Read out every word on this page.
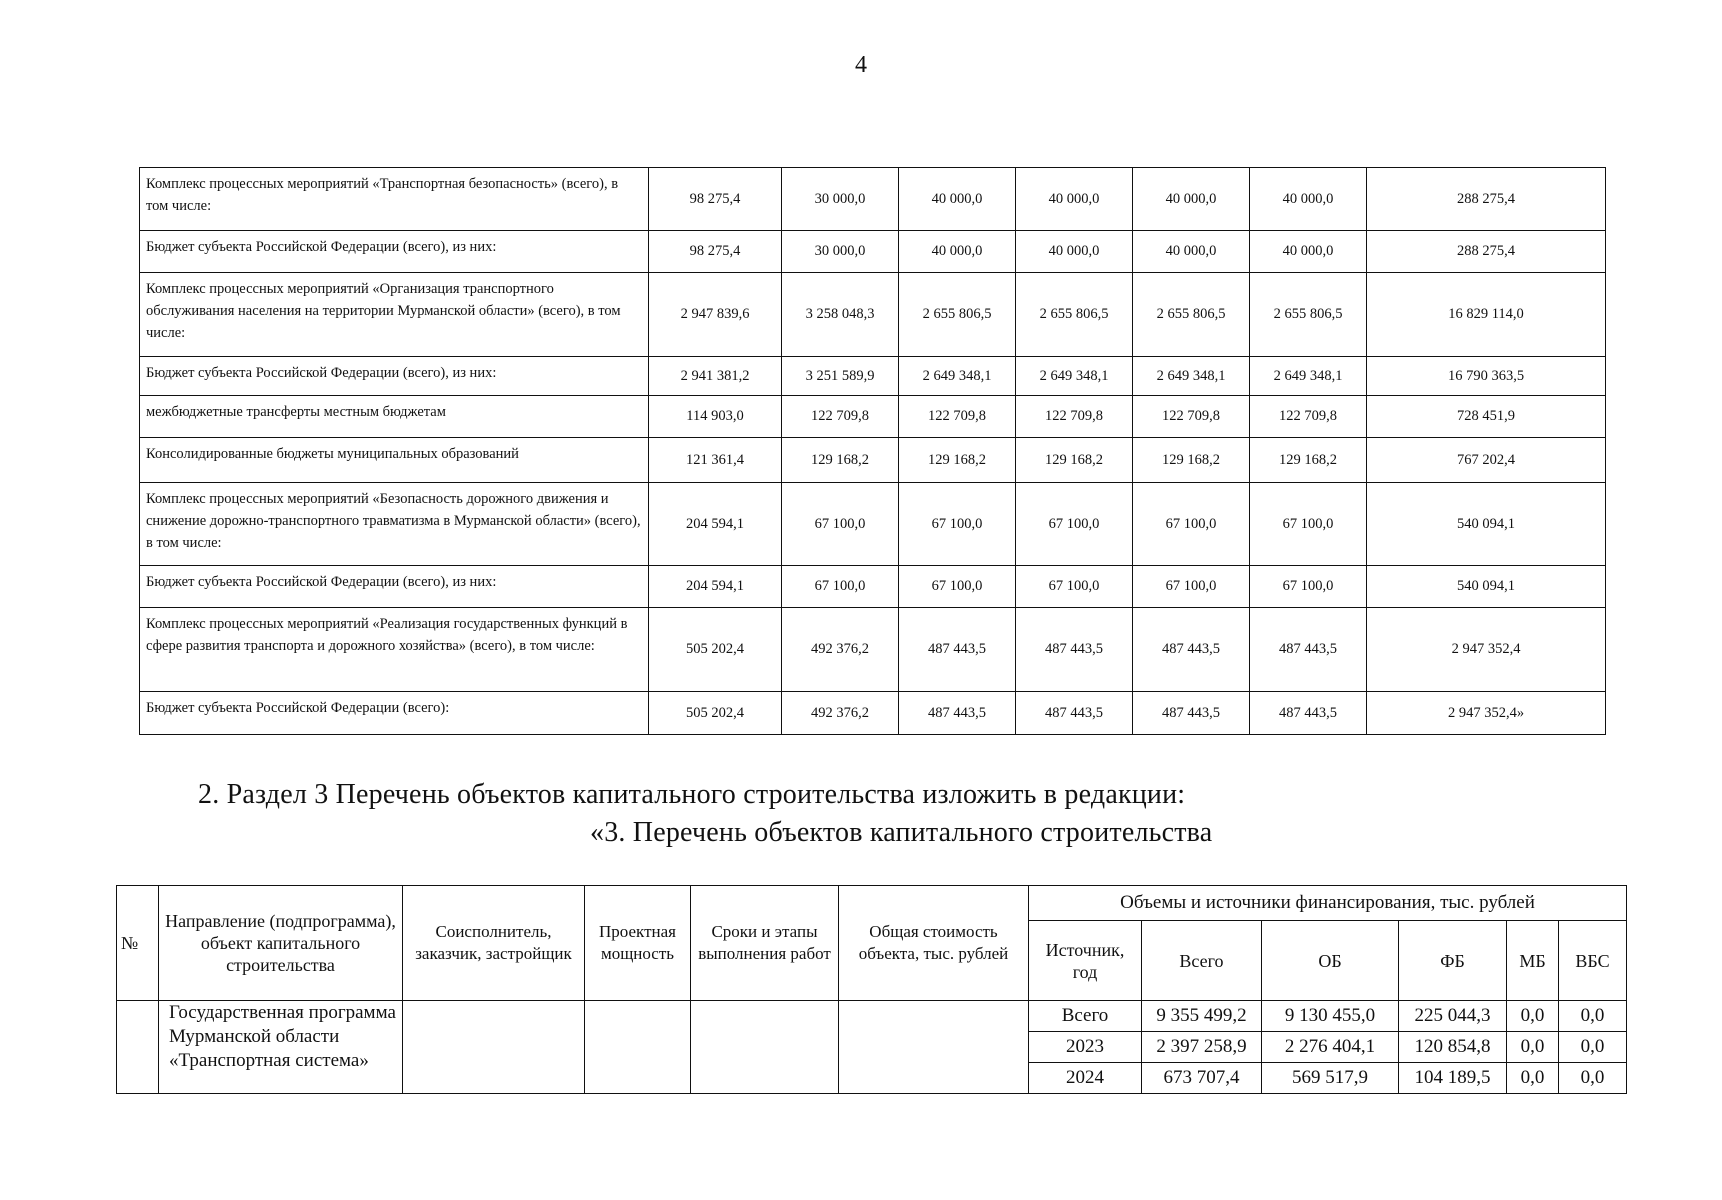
4
Комплекс процессных мероприятий «Транспортная безопасность» (всего), в том числе:	98 275,4	30 000,0	40 000,0	40 000,0	40 000,0	40 000,0	288 275,4
Бюджет субъекта Российской Федерации (всего), из них:	98 275,4	30 000,0	40 000,0	40 000,0	40 000,0	40 000,0	288 275,4
Комплекс процессных мероприятий «Организация транспортного обслуживания населения на территории Мурманской области» (всего), в том числе:	2 947 839,6	3 258 048,3	2 655 806,5	2 655 806,5	2 655 806,5	2 655 806,5	16 829 114,0
Бюджет субъекта Российской Федерации (всего), из них:	2 941 381,2	3 251 589,9	2 649 348,1	2 649 348,1	2 649 348,1	2 649 348,1	16 790 363,5
межбюджетные трансферты местным бюджетам	114 903,0	122 709,8	122 709,8	122 709,8	122 709,8	122 709,8	728 451,9
Консолидированные бюджеты муниципальных образований	121 361,4	129 168,2	129 168,2	129 168,2	129 168,2	129 168,2	767 202,4
Комплекс процессных мероприятий «Безопасность дорожного движения и снижение дорожно-транспортного травматизма в Мурманской области» (всего), в том числе:	204 594,1	67 100,0	67 100,0	67 100,0	67 100,0	67 100,0	540 094,1
Бюджет субъекта Российской Федерации (всего), из них:	204 594,1	67 100,0	67 100,0	67 100,0	67 100,0	67 100,0	540 094,1
Комплекс процессных мероприятий «Реализация государственных функций в сфере развития транспорта и дорожного хозяйства» (всего), в том числе:	505 202,4	492 376,2	487 443,5	487 443,5	487 443,5	487 443,5	2 947 352,4
Бюджет субъекта Российской Федерации (всего):	505 202,4	492 376,2	487 443,5	487 443,5	487 443,5	487 443,5	2 947 352,4»
2. Раздел 3 Перечень объектов капитального строительства изложить в редакции:
«3. Перечень объектов капитального строительства
№	Направление (подпрограмма), объект капитального строительства	Соисполнитель, заказчик, застройщик	Проектная мощность	Сроки и этапы выполнения работ	Общая стоимость объекта, тыс. рублей	Объемы и источники финансирования, тыс. рублей					
						Источник, год	Всего	ОБ	ФБ	МБ	ВБС
	Государственная программа Мурманской области «Транспортная система»					Всего	9 355 499,2	9 130 455,0	225 044,3	0,0	0,0
						2023	2 397 258,9	2 276 404,1	120 854,8	0,0	0,0
						2024	673 707,4	569 517,9	104 189,5	0,0	0,0
